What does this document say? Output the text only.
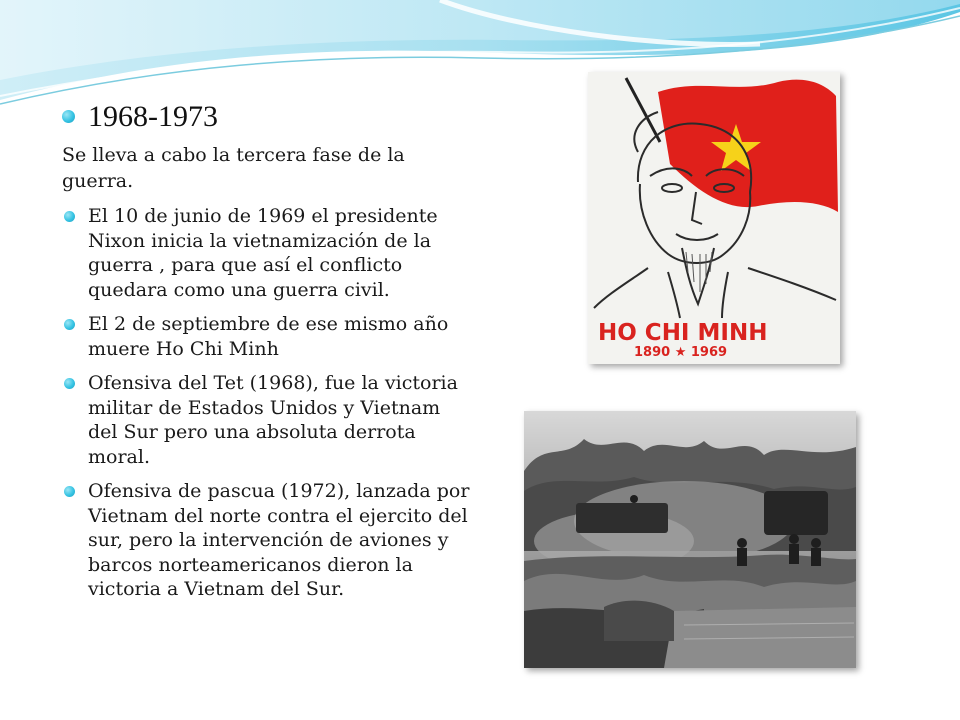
1968-1973

Se lleva a cabo la tercera fase de la guerra.

El 10 de junio de 1969 el presidente Nixon inicia la vietnamización de la guerra , para que así el conflicto quedara como una guerra civil.
El 2 de septiembre de ese mismo año muere Ho Chi Minh
Ofensiva del Tet (1968), fue la victoria militar de Estados Unidos y Vietnam del Sur pero una absoluta derrota moral.
Ofensiva de pascua (1972), lanzada por Vietnam del norte contra el ejercito del sur, pero la intervención de aviones y barcos norteamericanos dieron la victoria a Vietnam del Sur.
HO CHI MINH
1890 ★ 1969
